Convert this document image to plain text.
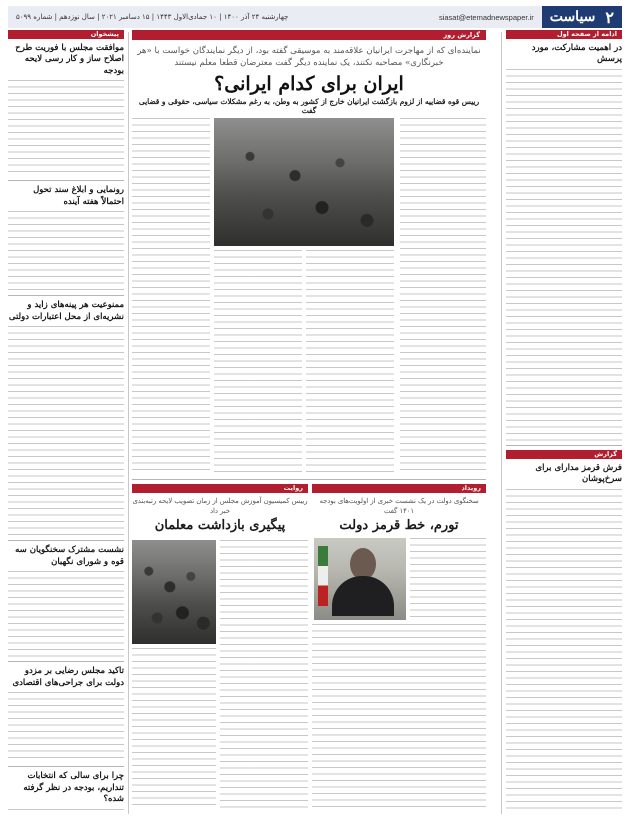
۲
سیاست
siasat@etemadnewspaper.ir
چهارشنبه ۲۴ آذر ۱۴۰۰ | ۱۰ جمادی‌الاول ۱۴۴۳ | ۱۵ دسامبر ۲۰۲۱ | سال نوزدهم | شماره ۵۰۹۹
ادامه از صفحه اول
در اهمیت مشارکت، مورد پرسش
گزارش
فرش قرمز مدارای برای سرخ‌پوشان
گزارش روز
نماینده‌ای که از مهاجرت ایرانیان علاقه‌مند به موسیقی گفته بود، از دیگر نمایندگان خواست با «هر خبرنگاری» مصاحبه نکنند، یک نماینده دیگر گفت معترضان قطعا معلم نیستند
ایران برای کدام ایرانی؟
رییس قوه قضاییه از لزوم بازگشت ایرانیان خارج از کشور به وطن، به رغم مشکلات سیاسی، حقوقی و قضایی گفت
رویداد
سخنگوی دولت در یک نشست خبری از اولویت‌های بودجه ۱۴۰۱ گفت
تورم، خط قرمز دولت
روایت
رییس کمیسیون آموزش مجلس از زمان تصویب لایحه رتبه‌بندی خبر داد
پیگیری بازداشت معلمان
پیشخوان
موافقت مجلس با فوریت طرح اصلاح ساز و کار رسی لایحه بودجه
رونمایی و ابلاغ سند تحول احتمالاً هفته آینده
ممنوعیت هر پینه‌های زاید و نشریه‌ای از محل اعتبارات دولتی
نشست مشترک سخنگویان سه قوه و شورای نگهبان
تاکید مجلس رضایی بر مزدو دولت برای جراحی‌های اقتصادی
چرا برای سالی که انتخابات تنداریم، بودجه در نظر گرفته شده؟
